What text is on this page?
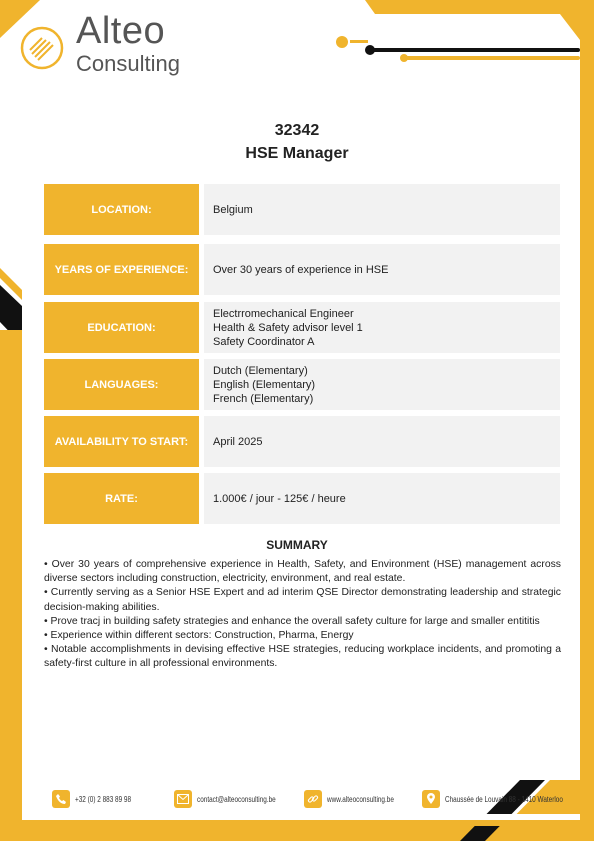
Alteo
Consulting
32342
HSE Manager
LOCATION:	Belgium
YEARS OF EXPERIENCE:	Over 30 years of experience in HSE
EDUCATION:
Electrromechanical Engineer
Health & Safety advisor level 1
Safety Coordinator A
LANGUAGES:
Dutch (Elementary)
English (Elementary)
French (Elementary)
AVAILABILITY TO START:	April 2025
RATE:	1.000€ / jour - 125€ / heure
SUMMARY

• Over 30 years of comprehensive experience in Health, Safety, and Environment (HSE) management across diverse sectors including construction, electricity, environment, and real estate.

• Currently serving as a Senior HSE Expert and ad interim QSE Director demonstrating leadership and strategic decision-making abilities.

• Prove tracj in building safety strategies and enhance the overall safety culture for large and smaller entititis

• Experience within different sectors: Construction, Pharma, Energy

• Notable accomplishments in devising effective HSE strategies, reducing workplace incidents, and promoting a safety-first culture in all professional environments.

+32 (0) 2 883 89 98	contact@alteoconsulting.be	www.alteoconsulting.be	Chaussée de Louvain 88 - 1410 Waterloo
